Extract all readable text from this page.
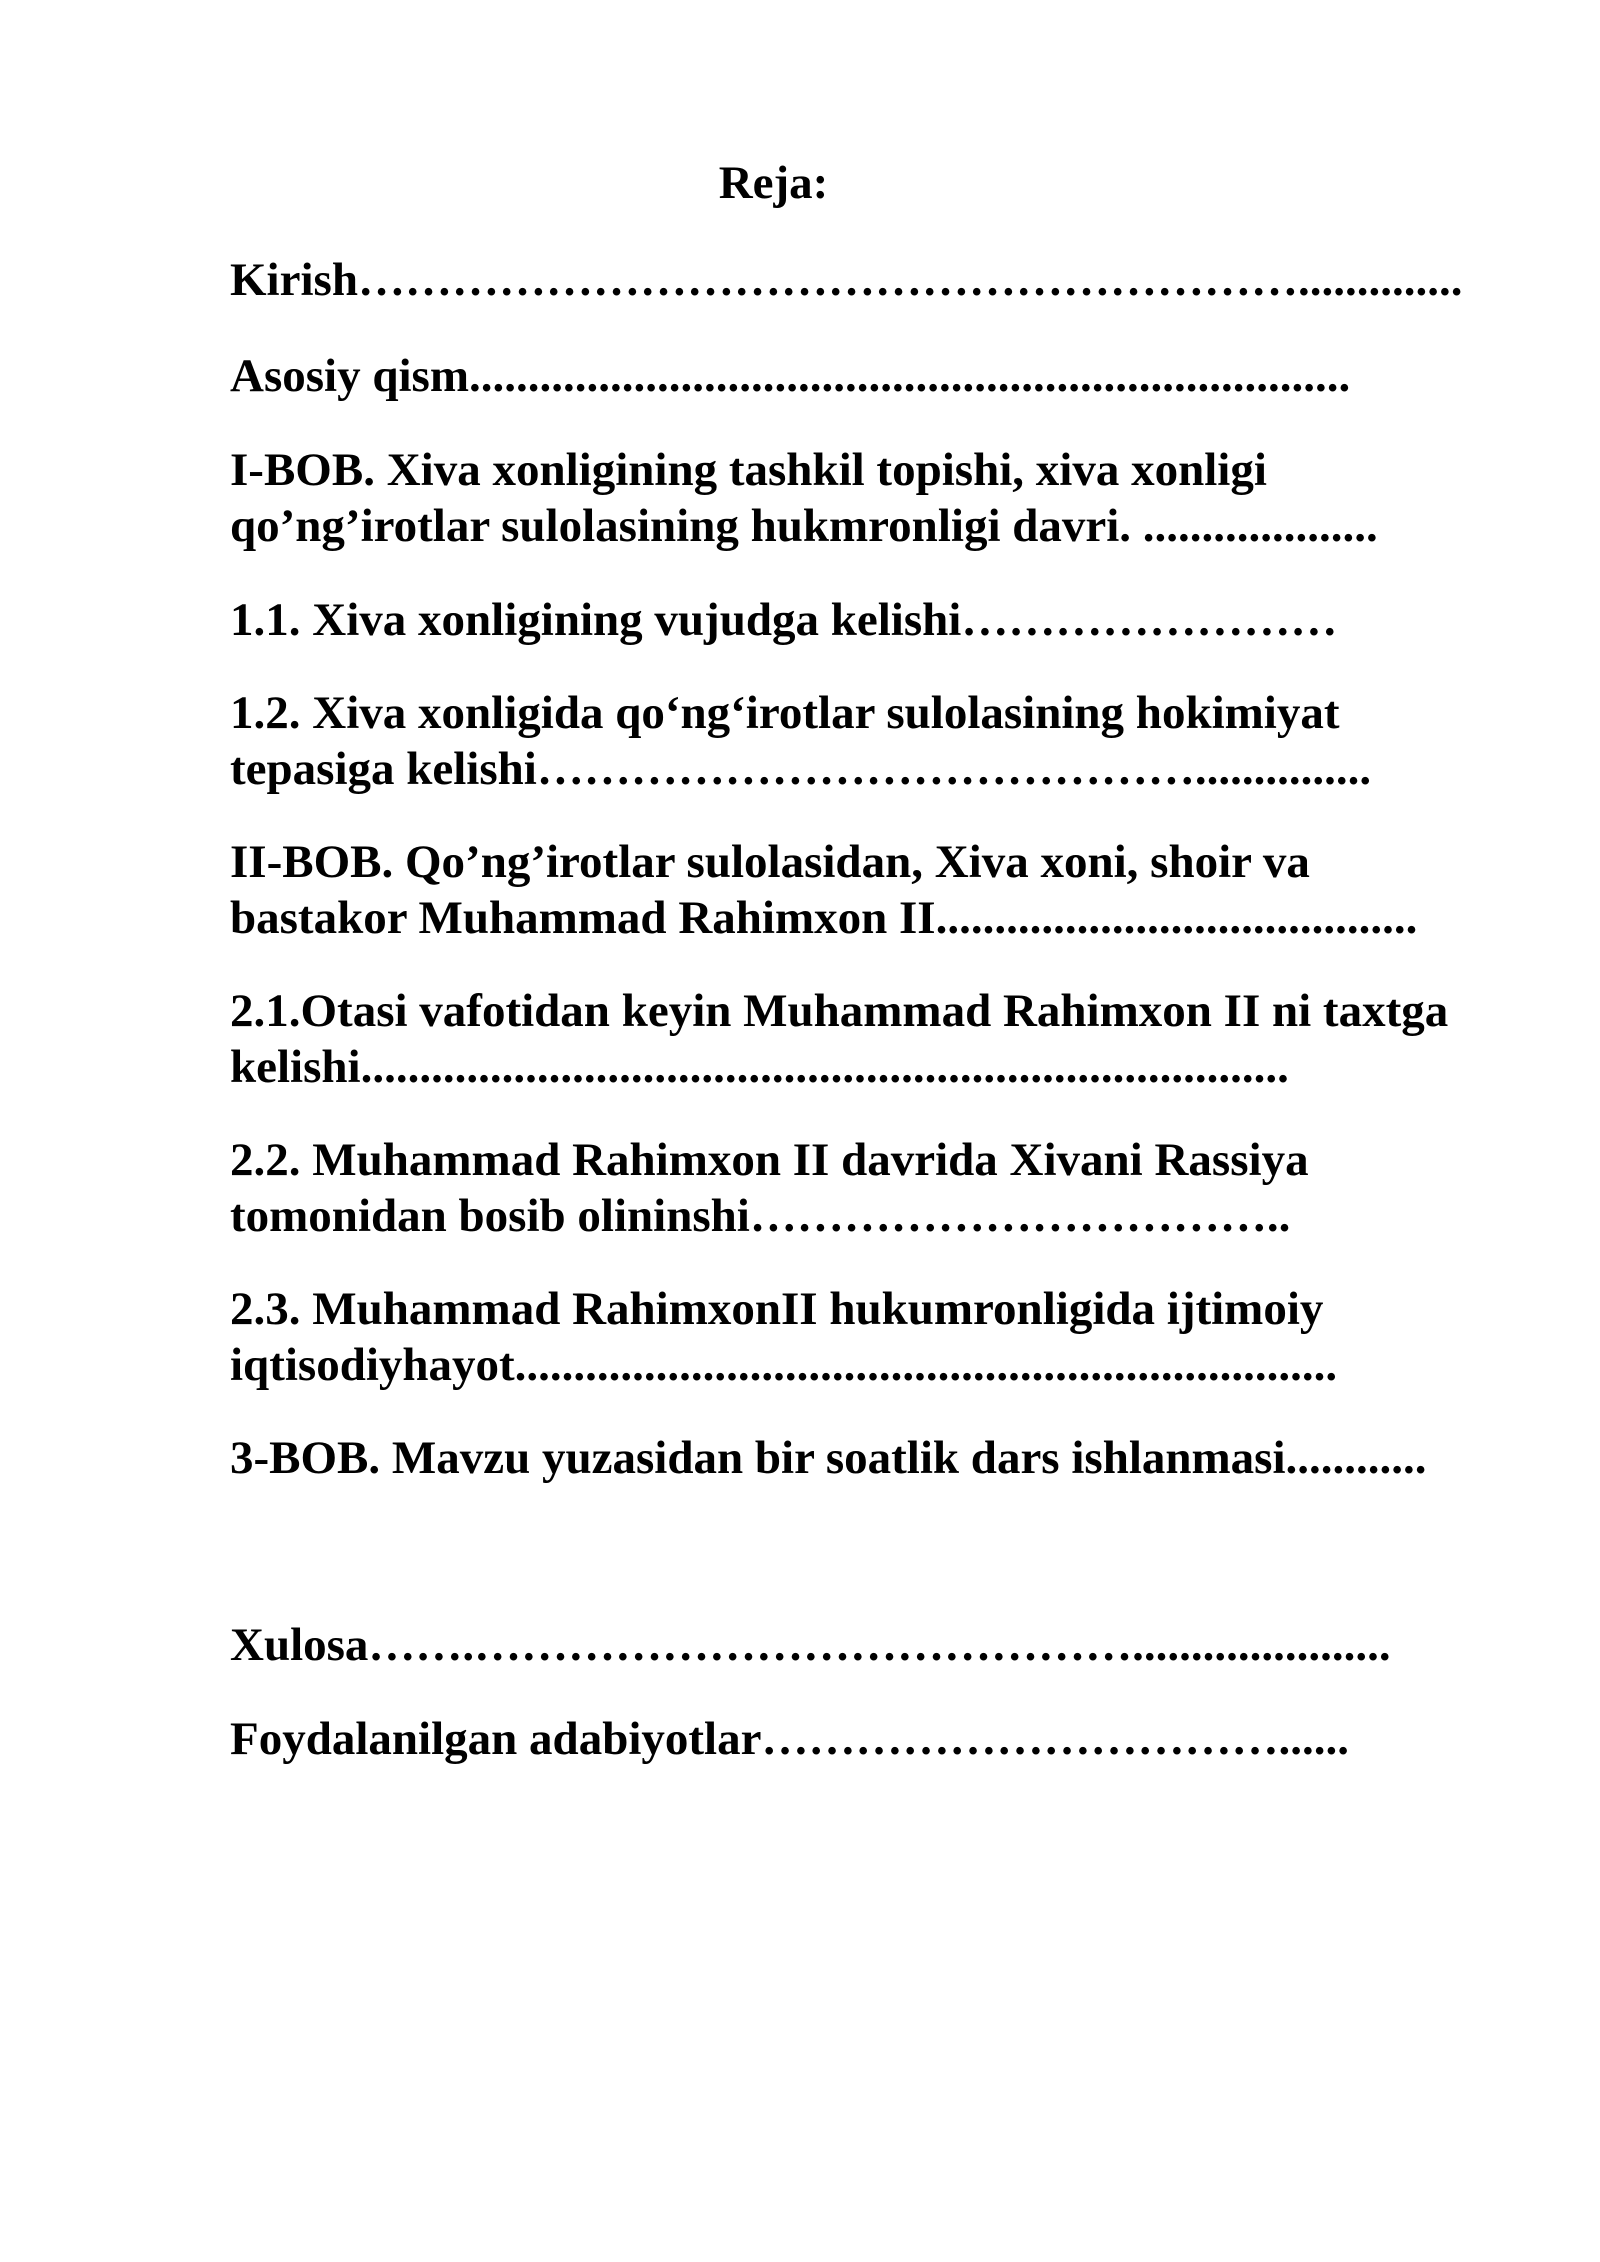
Reja:
Kirish……………………………………………………..............
Asosiy qism...........................................................................
I-BOB. Xiva xonligining tashkil topishi, xiva xonligi
qo’ng’irotlar sulolasining hukmronligi davri. ....................
1.1. Xiva xonligining vujudga kelishi……………………
1.2. Xiva xonligida qo‘ng‘irotlar sulolasining hokimiyat
tepasiga kelishi……………………………………...............
II-BOB. Qo’ng’irotlar sulolasidan, Xiva xoni, shoir va
bastakor Muhammad Rahimxon II.........................................
2.1.Otasi vafotidan keyin Muhammad Rahimxon II ni taxtga
kelishi...............................................................................
2.2. Muhammad Rahimxon II davrida Xivani Rassiya
tomonidan bosib olininshi……………………………..
2.3. Muhammad RahimxonII hukumronligida ijtimoiy
iqtisodiyhayot......................................................................
3-BOB. Mavzu yuzasidan bir soatlik dars ishlanmasi............
Xulosa…….……………………………………......................
Foydalanilgan adabiyotlar……………………………......
